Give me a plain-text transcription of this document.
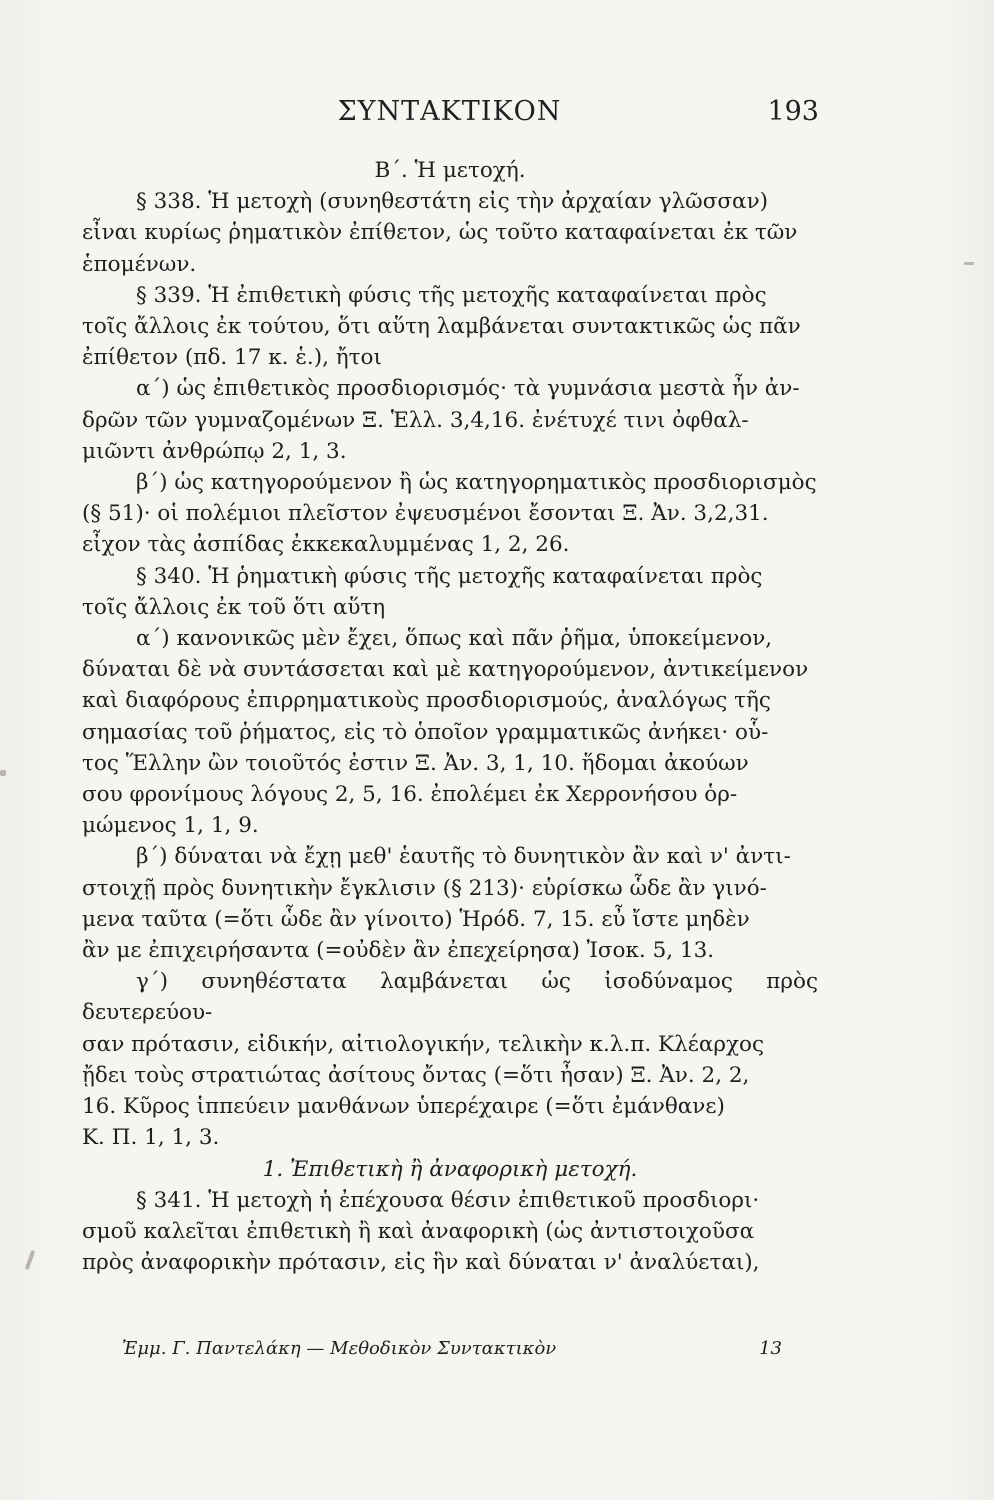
ΣΥΝΤΑΚΤΙΚΟΝ	193

Β΄. Ἡ μετοχή.

§ 338. Ἡ μετοχὴ (συνηθεστάτη εἰς τὴν ἀρχαίαν γλῶσσαν)

εἶναι κυρίως ῥηματικὸν ἐπίθετον, ὡς τοῦτο καταφαίνεται ἐκ τῶν

ἑπομένων.

§ 339. Ἡ ἐπιθετικὴ φύσις τῆς μετοχῆς καταφαίνεται πρὸς

τοῖς ἄλλοις ἐκ τούτου, ὅτι αὕτη λαμβάνεται συντακτικῶς ὡς πᾶν

ἐπίθετον (πδ. 17 κ. ἑ.), ἤτοι

α΄) ὡς ἐπιθετικὸς προσδιορισμός· τὰ γυμνάσια μεστὰ ἦν ἀν-

δρῶν τῶν γυμναζομένων Ξ. Ἑλλ. 3,4,16. ἐνέτυχέ τινι ὀφθαλ-

μιῶντι ἀνθρώπῳ 2, 1, 3.

β΄) ὡς κατηγορούμενον ἢ ὡς κατηγορηματικὸς προσδιορισμὸς

(§ 51)· οἱ πολέμιοι πλεῖστον ἐψευσμένοι ἔσονται Ξ. Ἀν. 3,2,31.

εἶχον τὰς ἀσπίδας ἐκκεκαλυμμένας 1, 2, 26.

§ 340. Ἡ ῥηματικὴ φύσις τῆς μετοχῆς καταφαίνεται πρὸς

τοῖς ἄλλοις ἐκ τοῦ ὅτι αὕτη

α΄) κανονικῶς μὲν ἔχει, ὅπως καὶ πᾶν ῥῆμα, ὑποκείμενον,

δύναται δὲ νὰ συντάσσεται καὶ μὲ κατηγορούμενον, ἀντικείμενον

καὶ διαφόρους ἐπιρρηματικοὺς προσδιορισμούς, ἀναλόγως τῆς

σημασίας τοῦ ῥήματος, εἰς τὸ ὁποῖον γραμματικῶς ἀνήκει· οὗ-

τος Ἕλλην ὢν τοιοῦτός ἐστιν Ξ. Ἀν. 3, 1, 10. ἥδομαι ἀκούων

σου φρονίμους λόγους 2, 5, 16. ἐπολέμει ἐκ Χερρονήσου ὁρ-

μώμενος 1, 1, 9.

β΄) δύναται νὰ ἔχῃ μεθ' ἑαυτῆς τὸ δυνητικὸν ἂν καὶ ν' ἀντι-

στοιχῇ πρὸς δυνητικὴν ἔγκλισιν (§ 213)· εὑρίσκω ὧδε ἂν γινό-

μενα ταῦτα (=ὅτι ὧδε ἂν γίνοιτο) Ἡρόδ. 7, 15. εὖ ἴστε μηδὲν

ἂν με ἐπιχειρήσαντα (=οὐδὲν ἂν ἐπεχείρησα) Ἰσοκ. 5, 13.

γ΄) συνηθέστατα λαμβάνεται ὡς ἰσοδύναμος πρὸς δευτερεύου-

σαν πρότασιν, εἰδικήν, αἰτιολογικήν, τελικὴν κ.λ.π. Κλέαρχος

ᾔδει τοὺς στρατιώτας ἀσίτους ὄντας (=ὅτι ἦσαν) Ξ. Ἀν. 2, 2,

16. Κῦρος ἱππεύειν μανθάνων ὑπερέχαιρε (=ὅτι ἐμάνθανε)

Κ. Π. 1, 1, 3.

1. Ἐπιθετικὴ ἢ ἀναφορικὴ μετοχή.

§ 341. Ἡ μετοχὴ ἡ ἐπέχουσα θέσιν ἐπιθετικοῦ προσδιορι·

σμοῦ καλεῖται ἐπιθετικὴ ἢ καὶ ἀναφορικὴ (ὡς ἀντιστοιχοῦσα

πρὸς ἀναφορικὴν πρότασιν, εἰς ἣν καὶ δύναται ν' ἀναλύεται),

Ἐμμ. Γ. Παντελάκη — Μεθοδικὸν Συντακτικὸν	13
